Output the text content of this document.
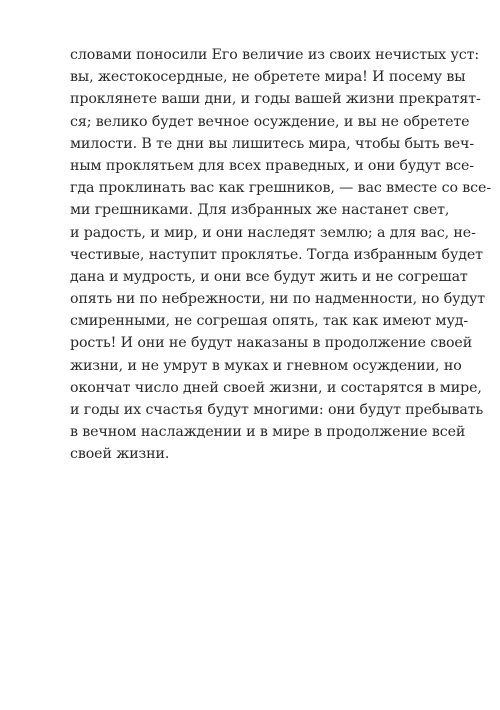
словами поносили Его величие из своих нечистых уст:
вы, жестокосердные, не обретете мира! И посему вы
проклянете ваши дни, и годы вашей жизни прекратят-
ся; велико будет вечное осуждение, и вы не обретете
милости. В те дни вы лишитесь мира, чтобы быть веч-
ным проклятьем для всех праведных, и они будут все-
гда проклинать вас как грешников, — вас вместе со все-
ми грешниками. Для избранных же настанет свет,
и радость, и мир, и они наследят землю; а для вас, не-
честивые, наступит проклятье. Тогда избранным будет
дана и мудрость, и они все будут жить и не согрешат
опять ни по небрежности, ни по надменности, но будут
смиренными, не согрешая опять, так как имеют муд-
рость! И они не будут наказаны в продолжение своей
жизни, и не умрут в муках и гневном осуждении, но
окончат число дней своей жизни, и состарятся в мире,
и годы их счастья будут многими: они будут пребывать
в вечном наслаждении и в мире в продолжение всей
своей жизни.
